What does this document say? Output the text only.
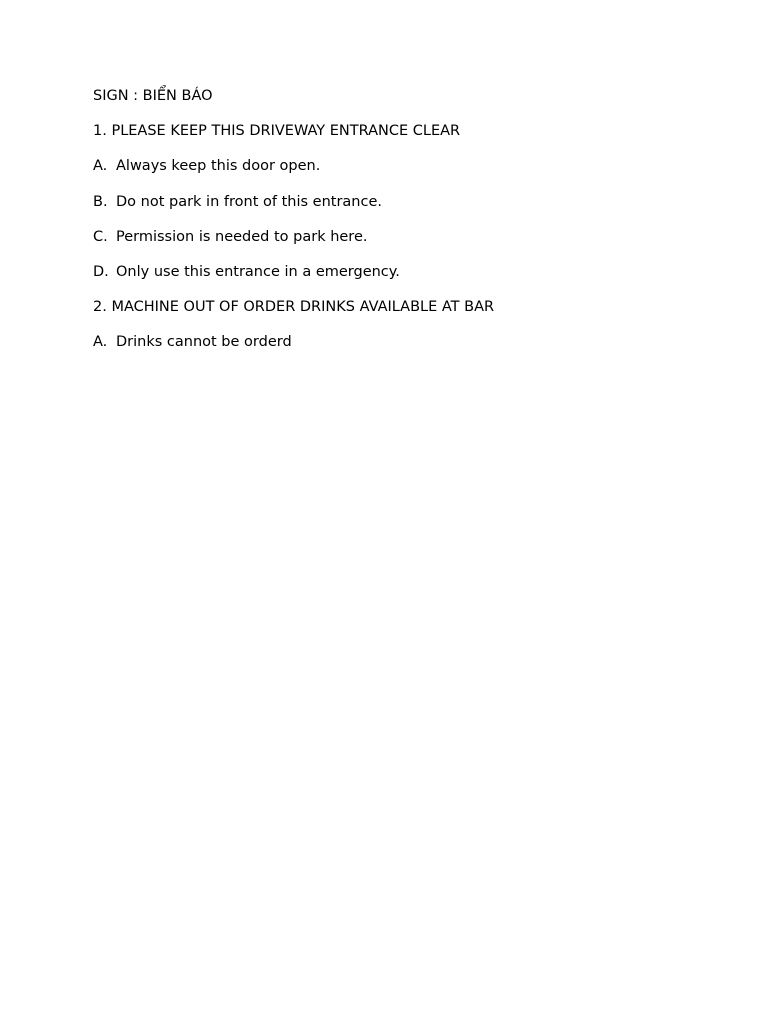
SIGN : BIỂN BÁO
1. PLEASE KEEP THIS DRIVEWAY ENTRANCE CLEAR
A. Always keep this door open.
B. Do not park in front of this entrance.
C. Permission is needed to park here.
D. Only use this entrance in a emergency.
2. MACHINE OUT OF ORDER DRINKS AVAILABLE AT BAR
A. Drinks cannot be orderd
